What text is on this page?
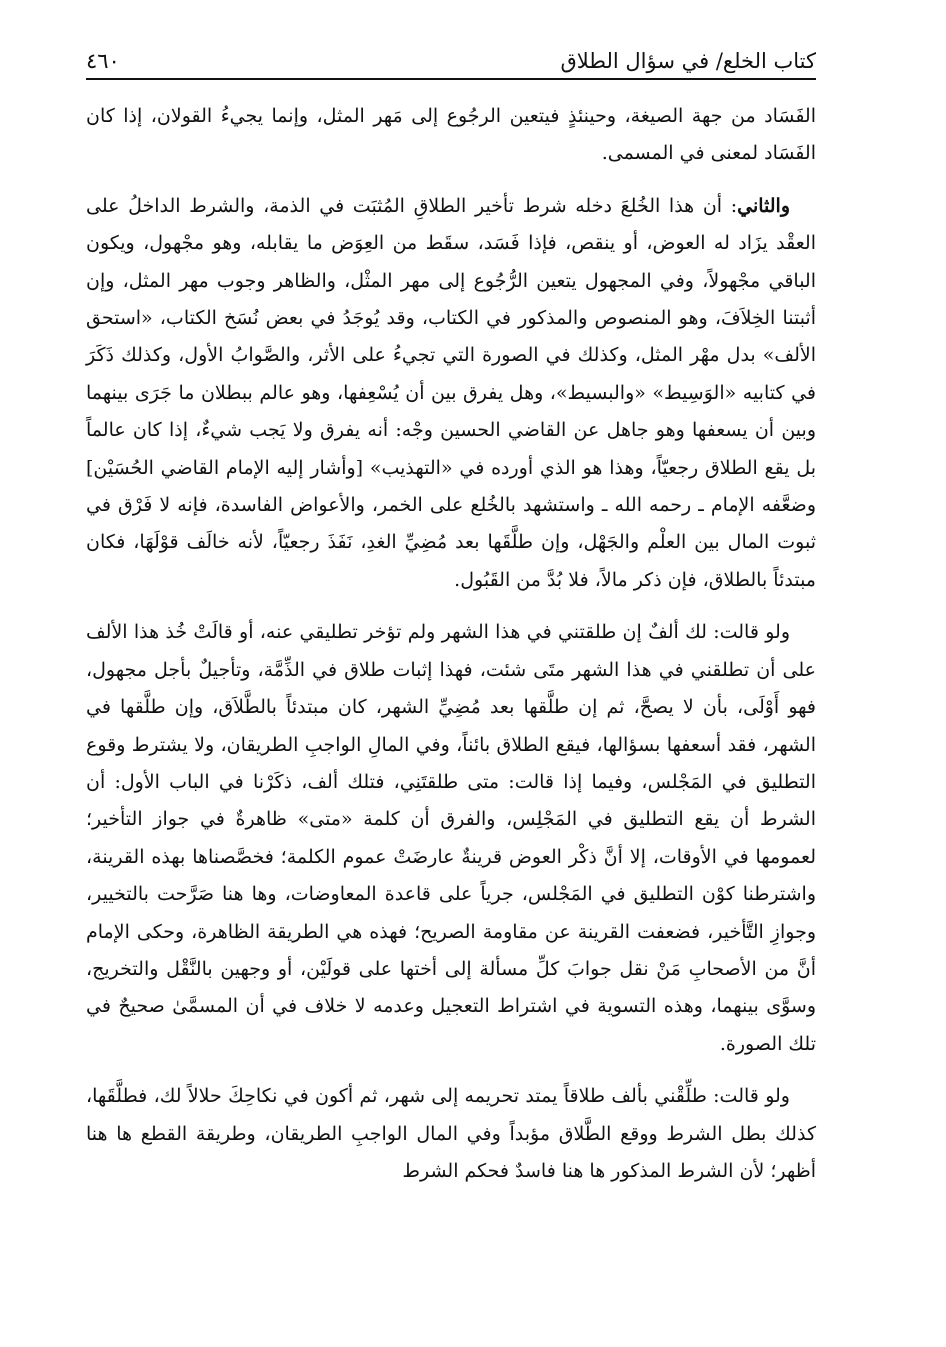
كتاب الخلع/ في سؤال الطلاق
٤٦٠

الفَسَاد من جهة الصيغة، وحينئذٍ فيتعين الرجُوع إلى مَهر المثل، وإنما يجيءُ القولان، إذا كان الفَسَاد لمعنى في المسمى.

والثاني: أن هذا الخُلعَ دخله شرط تأخير الطلاقِ المُثبَت في الذمة، والشرط الداخلُ على العقْد يزَاد له العوض، أو ينقص، فإذا فَسَد، سقَط من العِوَض ما يقابله، وهو مجْهول، ويكون الباقي مجْهولاً، وفي المجهول يتعين الرُّجُوع إلى مهر المثْل، والظاهر وجوب مهر المثل، وإن أثبتنا الخِلاَفَ، وهو المنصوص والمذكور في الكتاب، وقد يُوجَدُ في بعض نُسَخ الكتاب، «استحق الألف» بدل مهْر المثل، وكذلك في الصورة التي تجيءُ على الأثر، والصَّوابُ الأول، وكذلك ذَكَرَ في كتابيه «الوَسِيط» «والبسيط»، وهل يفرق بين أن يُسْعِفها، وهو عالم ببطلان ما جَرَى بينهما وبين أن يسعفها وهو جاهل عن القاضي الحسين وجْه: أنه يفرق ولا يَجب شيءٌ، إذا كان عالماً بل يقع الطلاق رجعيّاً، وهذا هو الذي أورده في «التهذيب» [وأشار إليه الإمام القاضي الحُسَيْن] وضعَّفه الإمام ـ رحمه الله ـ واستشهد بالخُلع على الخمر، والأعواض الفاسدة، فإنه لا فَرْق في ثبوت المال بين العلْم والجَهْل، وإن طلَّقَها بعد مُضِيِّ الغدِ، نَفَذَ رجعيّاً، لأنه خالَف قوْلَهَا، فكان مبتدئاً بالطلاق، فإن ذكر مالاً، فلا بُدَّ من القَبُول.

ولو قالت: لك ألفٌ إن طلقتني في هذا الشهر ولم تؤخر تطليقي عنه، أو قالَتْ خُذ هذا الألف على أن تطلقني في هذا الشهر متَى شئت، فهذا إثبات طلاق في الذِّمَّة، وتأجيلٌ بأجل مجهول، فهو أَوْلَى، بأن لا يصحَّ، ثم إن طلَّقها بعد مُضِيِّ الشهر، كان مبتدئاً بالطَّلاَق، وإن طلَّقها في الشهر، فقد أسعفها بسؤالها، فيقع الطلاق بائناً، وفي المالِ الواجبِ الطريقان، ولا يشترط وقوع التطليق في المَجْلس، وفيما إذا قالت: متى طلقتَنِي، فتلك ألف، ذكَرْنا في الباب الأول: أن الشرط أن يقع التطليق في المَجْلِس، والفرق أن كلمة «متى» ظاهرةٌ في جواز التأخير؛ لعمومها في الأوقات، إلا أنَّ ذكْر العوض قرينةٌ عارضَتْ عموم الكلمة؛ فخصَّصناها بهذه القرينة، واشترطنا كوْن التطليق في المَجْلس، جرياً على قاعدة المعاوضات، وها هنا صَرَّحت بالتخيير، وجوازِ التَّأخير، فضعفت القرينة عن مقاومة الصريح؛ فهذه هي الطريقة الظاهرة، وحكى الإمام أنَّ من الأصحابِ مَنْ نقل جوابَ كلِّ مسألة إلى أختها على قولَيْن، أو وجهين بالنَّقْل والتخريج، وسوَّى بينهما، وهذه التسوية في اشتراط التعجيل وعدمه لا خلاف في أن المسمَّىٰ صحيحٌ في تلك الصورة.

ولو قالت: طلِّقْني بألف طلاقاً يمتد تحريمه إلى شهر، ثم أكون في نكاحِكَ حلالاً لك، فطلَّقَها، كذلك بطل الشرط ووقع الطَّلاق مؤبداً وفي المال الواجبِ الطريقان، وطريقة القطع ها هنا أظهر؛ لأن الشرط المذكور ها هنا فاسدٌ فحكم الشرط
